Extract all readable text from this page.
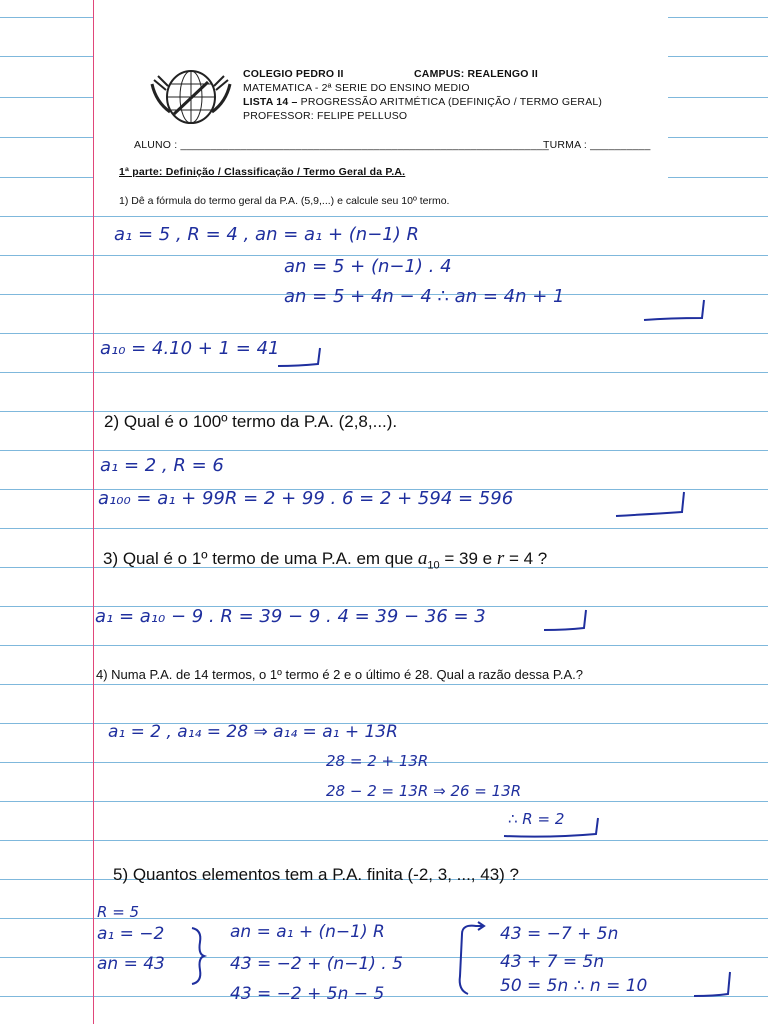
COLEGIO PEDRO II	CAMPUS: REALENGO II
MATEMATICA - 2ª SERIE DO ENSINO MEDIO
LISTA 14 – PROGRESSÃO ARITMÉTICA (DEFINIÇÃO / TERMO GERAL)
PROFESSOR: FELIPE PELLUSO
ALUNO : _____________________________________________________________
TURMA : __________
1ª parte: Definição / Classificação / Termo Geral da P.A.
1) Dê a fórmula do termo geral da P.A. (5,9,...) e calcule seu 10º termo.
a₁ = 5 , R = 4 , an = a₁ + (n−1) R
an = 5 + (n−1) . 4
an = 5 + 4n − 4 ∴ an = 4n + 1
a₁₀ = 4.10 + 1 = 41
2) Qual é o 100º termo da P.A. (2,8,...).
a₁ = 2 , R = 6
a₁₀₀ = a₁ + 99R = 2 + 99 . 6 = 2 + 594 = 596
3) Qual é o 1º termo de uma P.A. em que $a_{10} = 39$ e r = 4 ?
a₁ = a₁₀ − 9 . R = 39 − 9 . 4 = 39 − 36 = 3
4) Numa P.A. de 14 termos, o 1º termo é 2 e o último é 28. Qual a razão dessa P.A.?
a₁ = 2 , a₁₄ = 28 ⇒ a₁₄ = a₁ + 13R
28 = 2 + 13R
28 − 2 = 13R ⇒ 26 = 13R
∴ R = 2
5) Quantos elementos tem a P.A. finita (-2, 3, ..., 43) ?
R = 5
a₁ = −2
an = 43
an = a₁ + (n−1) R
43 = −2 + (n−1) . 5
43 = −2 + 5n − 5
43 = −7 + 5n
43 + 7 = 5n
50 = 5n ∴ n = 10
